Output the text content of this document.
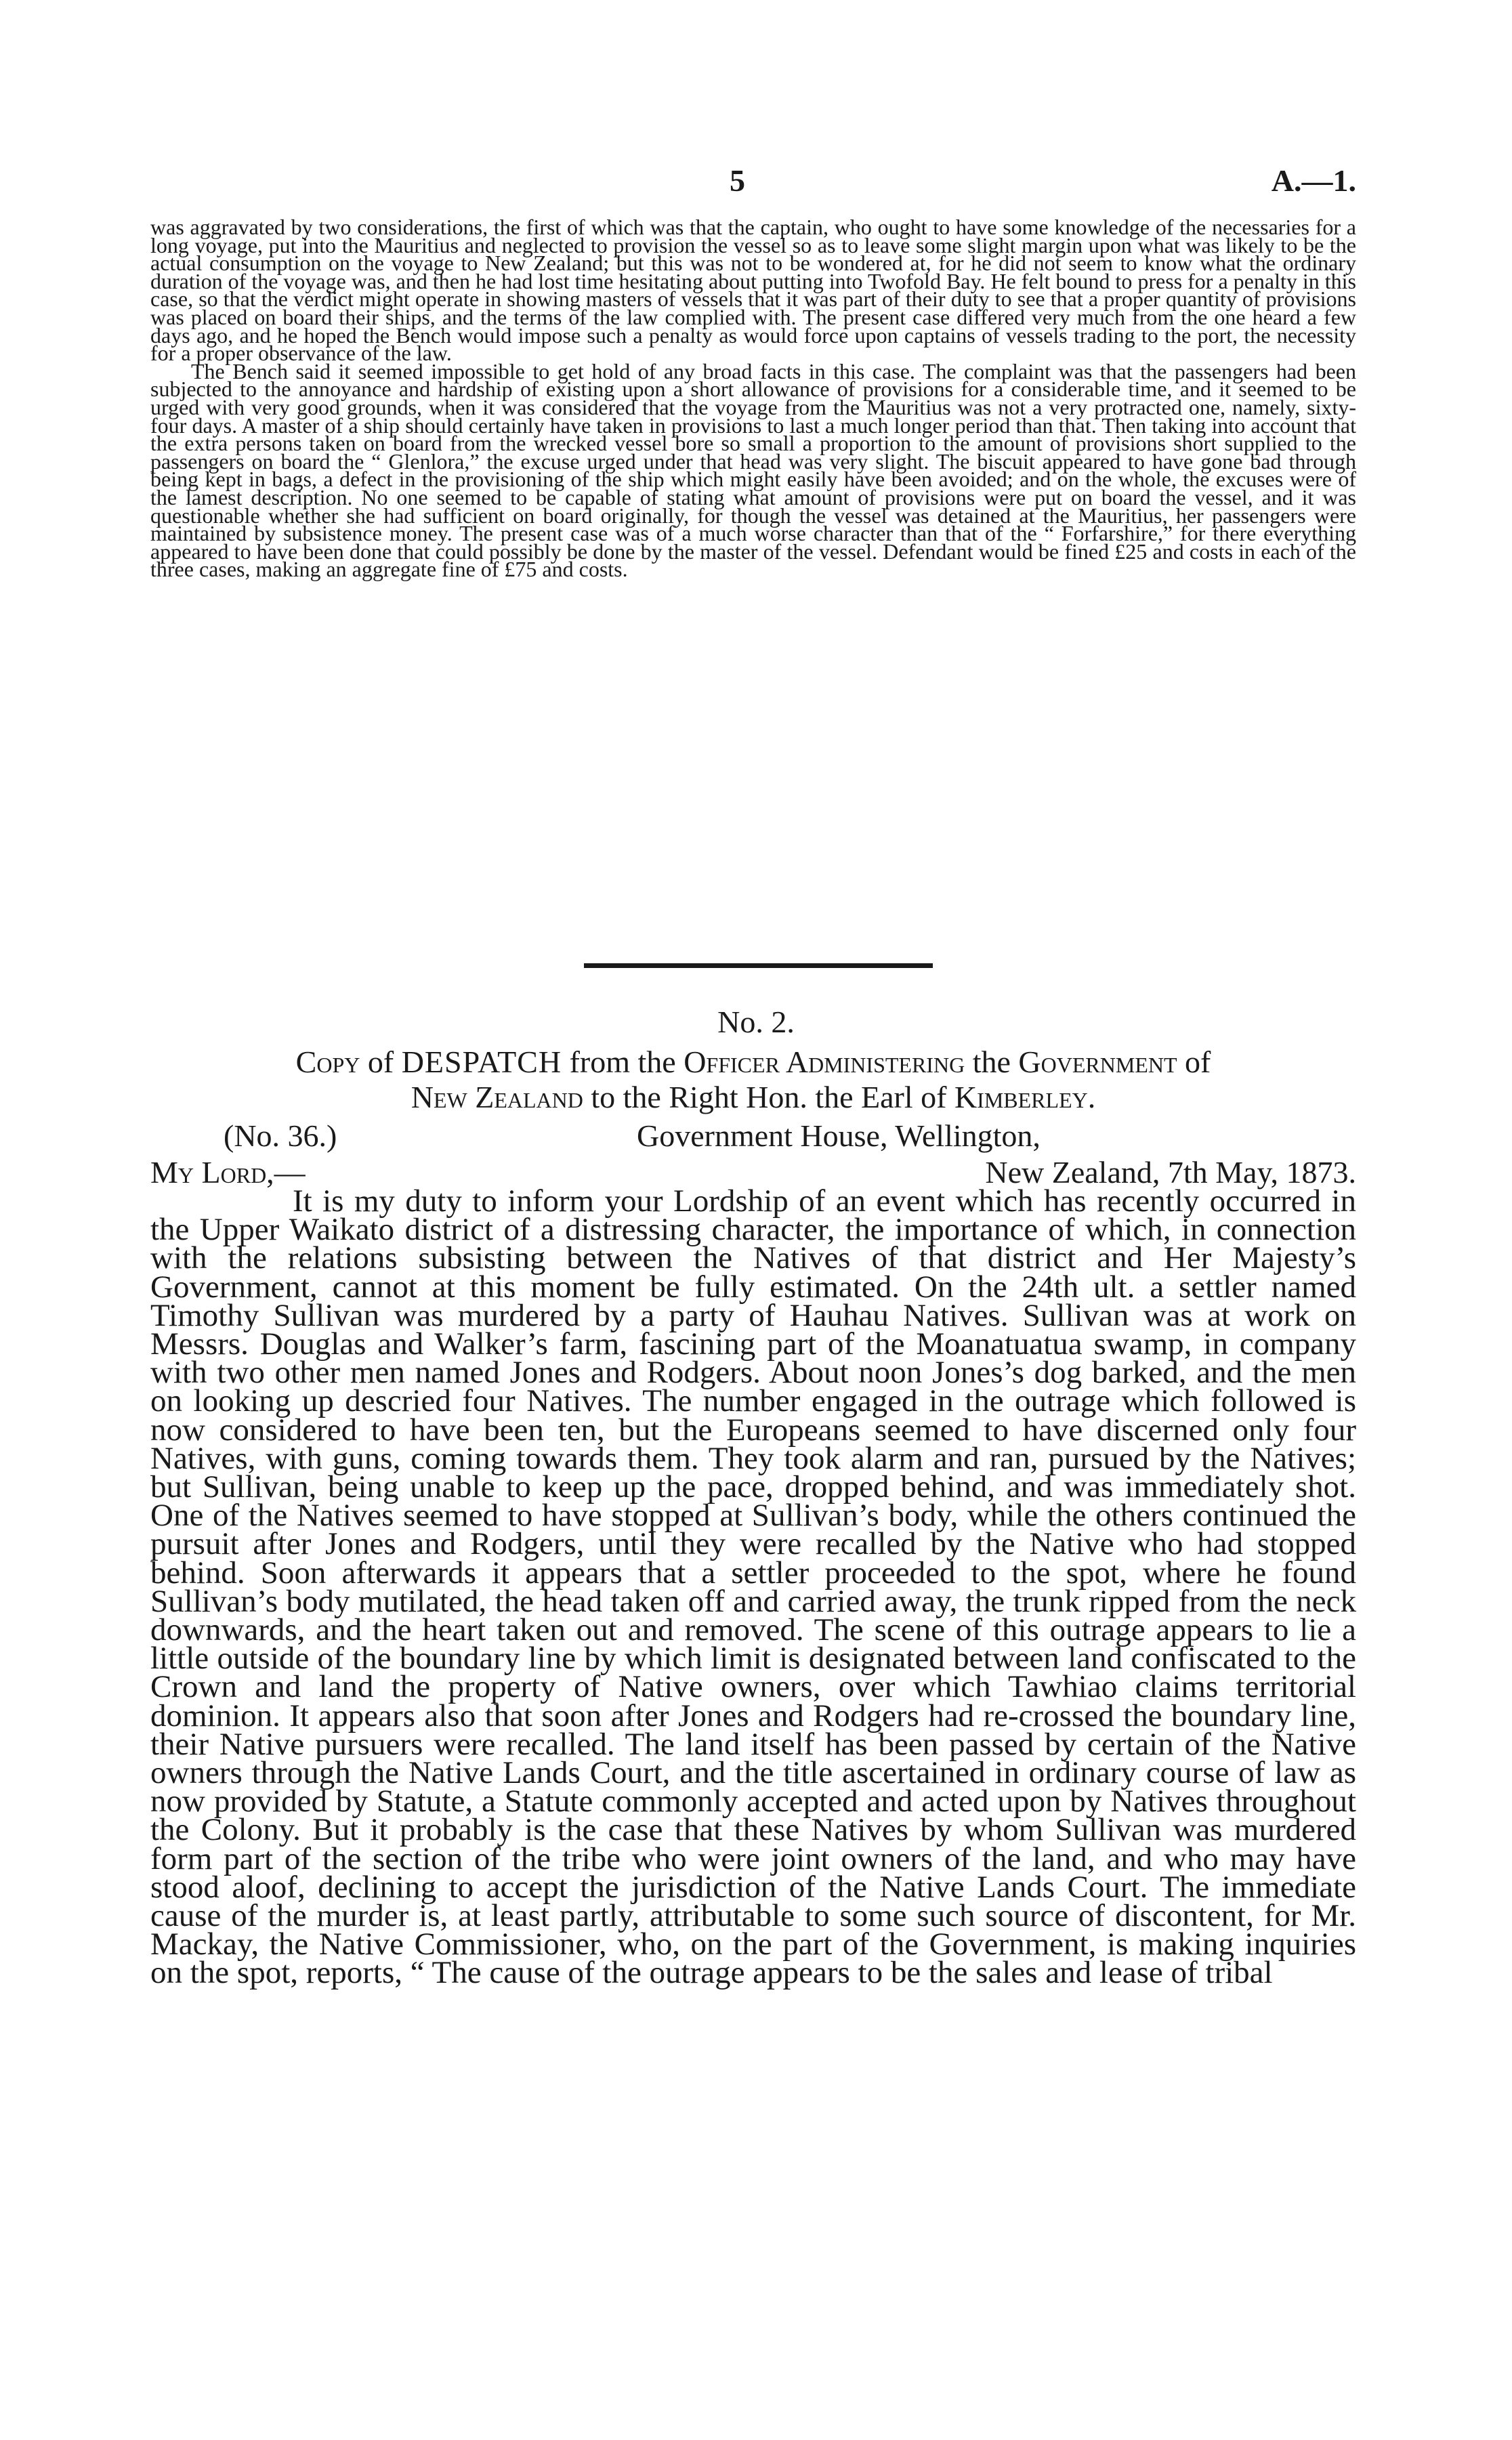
5	A.—1.

was aggravated by two considerations, the first of which was that the captain, who ought to have some knowledge of the necessaries for a long voyage, put into the Mauritius and neglected to provision the vessel so as to leave some slight margin upon what was likely to be the actual consumption on the voyage to New Zealand; but this was not to be wondered at, for he did not seem to know what the ordinary duration of the voyage was, and then he had lost time hesitating about putting into Twofold Bay. He felt bound to press for a penalty in this case, so that the verdict might operate in showing masters of vessels that it was part of their duty to see that a proper quantity of provisions was placed on board their ships, and the terms of the law complied with. The present case differed very much from the one heard a few days ago, and he hoped the Bench would impose such a penalty as would force upon captains of vessels trading to the port, the necessity for a proper observance of the law.

The Bench said it seemed impossible to get hold of any broad facts in this case. The complaint was that the passengers had been subjected to the annoyance and hardship of existing upon a short allowance of provisions for a considerable time, and it seemed to be urged with very good grounds, when it was considered that the voyage from the Mauritius was not a very protracted one, namely, sixty-four days. A master of a ship should certainly have taken in provisions to last a much longer period than that. Then taking into account that the extra persons taken on board from the wrecked vessel bore so small a proportion to the amount of provisions short supplied to the passengers on board the “ Glenlora,” the excuse urged under that head was very slight. The biscuit appeared to have gone bad through being kept in bags, a defect in the provisioning of the ship which might easily have been avoided; and on the whole, the excuses were of the lamest description. No one seemed to be capable of stating what amount of provisions were put on board the vessel, and it was questionable whether she had sufficient on board originally, for though the vessel was detained at the Mauritius, her passengers were maintained by subsistence money. The present case was of a much worse character than that of the “ Forfarshire,” for there everything appeared to have been done that could possibly be done by the master of the vessel. Defendant would be fined £25 and costs in each of the three cases, making an aggregate fine of £75 and costs.

No. 2.
Copy of DESPATCH from the Officer Administering the Government of
New Zealand to the Right Hon. the Earl of Kimberley.
(No. 36.)	Government House, Wellington,
My Lord,—	New Zealand, 7th May, 1873.

It is my duty to inform your Lordship of an event which has recently occurred in the Upper Waikato district of a distressing character, the importance of which, in connection with the relations subsisting between the Natives of that district and Her Majesty’s Government, cannot at this moment be fully estimated. On the 24th ult. a settler named Timothy Sullivan was murdered by a party of Hauhau Natives. Sullivan was at work on Messrs. Douglas and Walker’s farm, fascining part of the Moanatuatua swamp, in company with two other men named Jones and Rodgers. About noon Jones’s dog barked, and the men on looking up descried four Natives. The number engaged in the outrage which followed is now considered to have been ten, but the Europeans seemed to have discerned only four Natives, with guns, coming towards them. They took alarm and ran, pursued by the Natives; but Sullivan, being unable to keep up the pace, dropped behind, and was immediately shot. One of the Natives seemed to have stopped at Sullivan’s body, while the others continued the pursuit after Jones and Rodgers, until they were recalled by the Native who had stopped behind. Soon afterwards it appears that a settler proceeded to the spot, where he found Sullivan’s body mutilated, the head taken off and carried away, the trunk ripped from the neck downwards, and the heart taken out and removed. The scene of this outrage appears to lie a little outside of the boundary line by which limit is designated between land confiscated to the Crown and land the property of Native owners, over which Tawhiao claims territorial dominion. It appears also that soon after Jones and Rodgers had re-crossed the boundary line, their Native pursuers were recalled. The land itself has been passed by certain of the Native owners through the Native Lands Court, and the title ascertained in ordinary course of law as now provided by Statute, a Statute commonly accepted and acted upon by Natives throughout the Colony. But it probably is the case that these Natives by whom Sullivan was murdered form part of the section of the tribe who were joint owners of the land, and who may have stood aloof, declining to accept the jurisdiction of the Native Lands Court. The immediate cause of the murder is, at least partly, attributable to some such source of discontent, for Mr. Mackay, the Native Commissioner, who, on the part of the Government, is making inquiries on the spot, reports, “ The cause of the outrage appears to be the sales and lease of tribal
